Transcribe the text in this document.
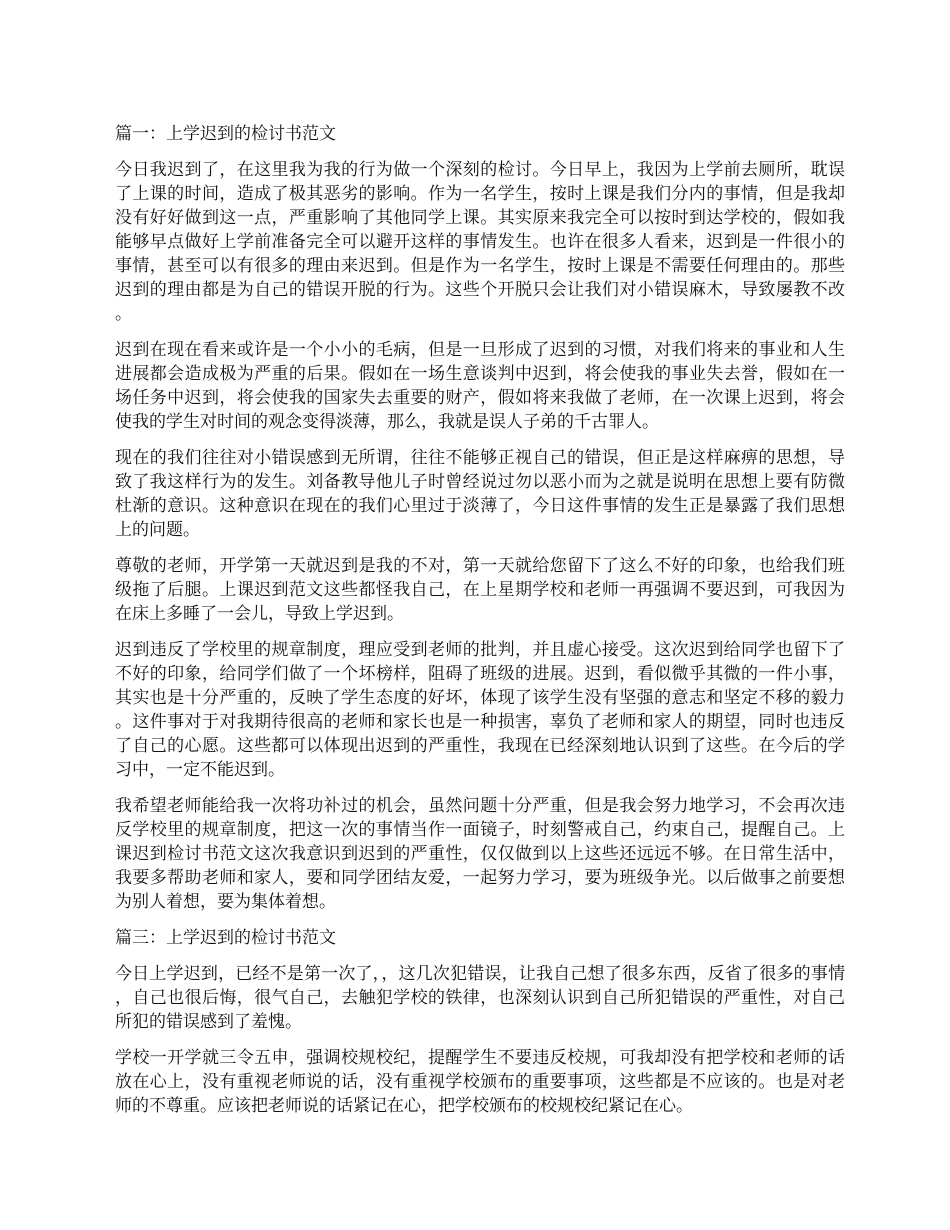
篇一：上学迟到的检讨书范文

今日我迟到了，在这里我为我的行为做一个深刻的检讨。今日早上，我因为上学前去厕所，耽误了上课的时间，造成了极其恶劣的影响。作为一名学生，按时上课是我们分内的事情，但是我却没有好好做到这一点，严重影响了其他同学上课。其实原来我完全可以按时到达学校的，假如我能够早点做好上学前准备完全可以避开这样的事情发生。也许在很多人看来，迟到是一件很小的事情，甚至可以有很多的理由来迟到。但是作为一名学生，按时上课是不需要任何理由的。那些迟到的理由都是为自己的错误开脱的行为。这些个开脱只会让我们对小错误麻木，导致屡教不改。

迟到在现在看来或许是一个小小的毛病，但是一旦形成了迟到的习惯，对我们将来的事业和人生进展都会造成极为严重的后果。假如在一场生意谈判中迟到，将会使我的事业失去誉，假如在一场任务中迟到，将会使我的国家失去重要的财产，假如将来我做了老师，在一次课上迟到，将会使我的学生对时间的观念变得淡薄，那么，我就是误人子弟的千古罪人。

现在的我们往往对小错误感到无所谓，往往不能够正视自己的错误，但正是这样麻痹的思想，导致了我这样行为的发生。刘备教导他儿子时曾经说过勿以恶小而为之就是说明在思想上要有防微杜渐的意识。这种意识在现在的我们心里过于淡薄了，今日这件事情的发生正是暴露了我们思想上的问题。

尊敬的老师，开学第一天就迟到是我的不对，第一天就给您留下了这么不好的印象，也给我们班级拖了后腿。上课迟到范文这些都怪我自己，在上星期学校和老师一再强调不要迟到，可我因为在床上多睡了一会儿，导致上学迟到。

迟到违反了学校里的规章制度，理应受到老师的批判，并且虚心接受。这次迟到给同学也留下了不好的印象，给同学们做了一个坏榜样，阻碍了班级的进展。迟到，看似微乎其微的一件小事，其实也是十分严重的，反映了学生态度的好坏，体现了该学生没有坚强的意志和坚定不移的毅力。这件事对于对我期待很高的老师和家长也是一种损害，辜负了老师和家人的期望，同时也违反了自己的心愿。这些都可以体现出迟到的严重性，我现在已经深刻地认识到了这些。在今后的学习中，一定不能迟到。

我希望老师能给我一次将功补过的机会，虽然问题十分严重，但是我会努力地学习，不会再次违反学校里的规章制度，把这一次的事情当作一面镜子，时刻警戒自己，约束自己，提醒自己。上课迟到检讨书范文这次我意识到迟到的严重性，仅仅做到以上这些还远远不够。在日常生活中，我要多帮助老师和家人，要和同学团结友爱，一起努力学习，要为班级争光。以后做事之前要想为别人着想，要为集体着想。

篇三：上学迟到的检讨书范文

今日上学迟到，已经不是第一次了，，这几次犯错误，让我自己想了很多东西，反省了很多的事情，自己也很后悔，很气自己，去触犯学校的铁律，也深刻认识到自己所犯错误的严重性，对自己所犯的错误感到了羞愧。

学校一开学就三令五申，强调校规校纪，提醒学生不要违反校规，可我却没有把学校和老师的话放在心上，没有重视老师说的话，没有重视学校颁布的重要事项，这些都是不应该的。也是对老师的不尊重。应该把老师说的话紧记在心，把学校颁布的校规校纪紧记在心。
